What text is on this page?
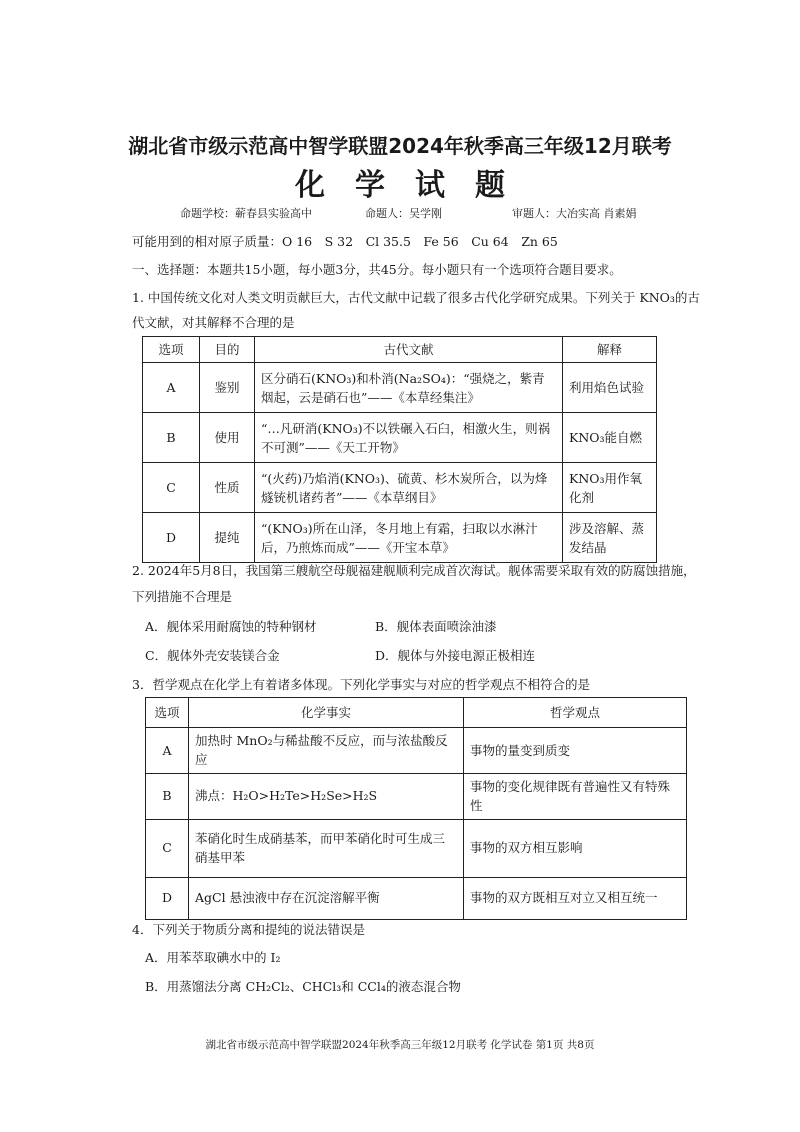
湖北省市级示范高中智学联盟2024年秋季高三年级12月联考
化学试题
命题学校：蕲春县实验高中	命题人：吴学刚	审题人：大冶实高 肖素娟
可能用到的相对原子质量：O 16　S 32　Cl 35.5　Fe 56　Cu 64　Zn 65
一、选择题：本题共15小题，每小题3分，共45分。每小题只有一个选项符合题目要求。
1. 中国传统文化对人类文明贡献巨大，古代文献中记载了很多古代化学研究成果。下列关于 KNO₃的古
代文献，对其解释不合理的是
选项	目的	古代文献	解释
A	鉴别	区分硝石(KNO₃)和朴消(Na₂SO₄)：“强烧之，紫青烟起，云是硝石也”——《本草经集注》	利用焰色试验
B	使用	“…凡研消(KNO₃)不以铁碾入石臼，相激火生，则祸不可测”——《天工开物》	KNO₃能自燃
C	性质	“(火药)乃焰消(KNO₃)、硫黄、杉木炭所合，以为烽燧铳机诸药者”——《本草纲目》	KNO₃用作氧化剂
D	提纯	“(KNO₃)所在山泽，冬月地上有霜，扫取以水淋汁后，乃煎炼而成”——《开宝本草》	涉及溶解、蒸发结晶
2. 2024年5月8日，我国第三艘航空母舰福建舰顺利完成首次海试。舰体需要采取有效的防腐蚀措施，
下列措施不合理是
A．舰体采用耐腐蚀的特种钢材	B．舰体表面喷涂油漆
C．舰体外壳安装镁合金	D．舰体与外接电源正极相连
3．哲学观点在化学上有着诸多体现。下列化学事实与对应的哲学观点不相符合的是
选项	化学事实	哲学观点
A	加热时 MnO₂与稀盐酸不反应，而与浓盐酸反应	事物的量变到质变
B	沸点：H₂O>H₂Te>H₂Se>H₂S	事物的变化规律既有普遍性又有特殊性
C	苯硝化时生成硝基苯，而甲苯硝化时可生成三硝基甲苯	事物的双方相互影响
D	AgCl 悬浊液中存在沉淀溶解平衡	事物的双方既相互对立又相互统一
4．下列关于物质分离和提纯的说法错误是
A．用苯萃取碘水中的 I₂
B．用蒸馏法分离 CH₂Cl₂、CHCl₃和 CCl₄的液态混合物
湖北省市级示范高中智学联盟2024年秋季高三年级12月联考 化学试卷 第1页 共8页
